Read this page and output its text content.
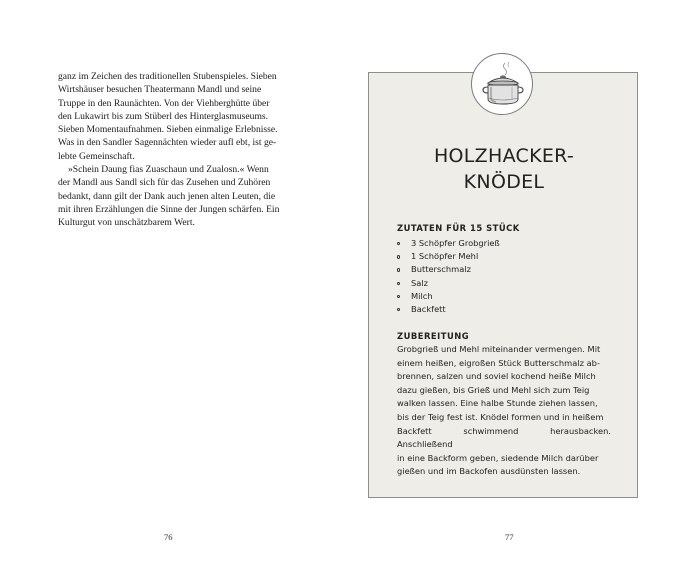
ganz im Zeichen des traditionellen Stubenspieles. Sieben
Wirtshäuser besuchen Theatermann Mandl und seine
Truppe in den Raunächten. Von der Viehberghütte über
den Lukawirt bis zum Stüberl des Hinterglasmuseums.
Sieben Momentaufnahmen. Sieben einmalige Erlebnisse.
Was in den Sandler Sagennächten wieder aufl ebt, ist ge-
lebte Gemeinschaft.

»Schein Daung fias Zuaschaun und Zualosn.« Wenn
der Mandl aus Sandl sich für das Zusehen und Zuhören
bedankt, dann gilt der Dank auch jenen alten Leuten, die
mit ihren Erzählungen die Sinne der Jungen schärfen. Ein
Kulturgut von unschätzbarem Wert.

76
HOLZHACKER-
KNÖDEL
ZUTATEN FÜR 15 STÜCK
3 Schöpfer Grobgrieß
1 Schöpfer Mehl
Butterschmalz
Salz
Milch
Backfett
ZUBEREITUNG

Grobgrieß und Mehl miteinander vermengen. Mit
einem heißen, eigroßen Stück Butterschmalz ab-
brennen, salzen und soviel kochend heiße Milch
dazu gießen, bis Grieß und Mehl sich zum Teig
walken lassen. Eine halbe Stunde ziehen lassen,
bis der Teig fest ist. Knödel formen und in heißem
Backfett schwimmend herausbacken. Anschließend
in eine Backform geben, siedende Milch darüber
gießen und im Backofen ausdünsten lassen.

77
